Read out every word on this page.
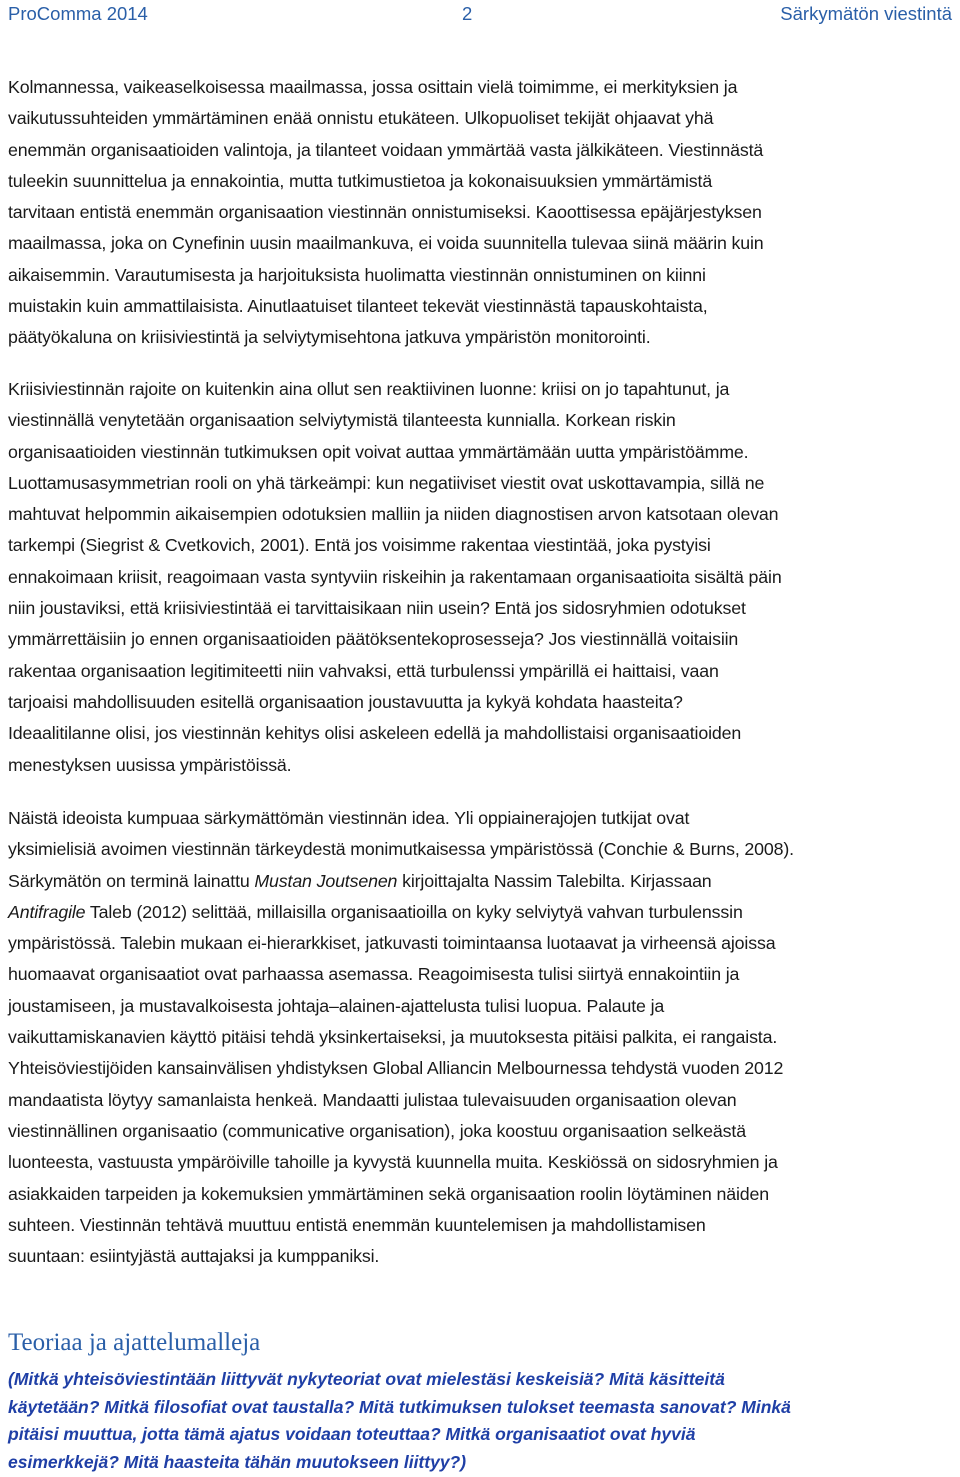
ProComma 2014	2	Särkymätön viestintä
Kolmannessa, vaikeaselkoisessa maailmassa, jossa osittain vielä toimimme, ei merkityksien ja
vaikutussuhteiden ymmärtäminen enää onnistu etukäteen. Ulkopuoliset tekijät ohjaavat yhä
enemmän organisaatioiden valintoja, ja tilanteet voidaan ymmärtää vasta jälkikäteen. Viestinnästä
tuleekin suunnittelua ja ennakointia, mutta tutkimustietoa ja kokonaisuuksien ymmärtämistä
tarvitaan entistä enemmän organisaation viestinnän onnistumiseksi. Kaoottisessa epäjärjestyksen
maailmassa, joka on Cynefinin uusin maailmankuva, ei voida suunnitella tulevaa siinä määrin kuin
aikaisemmin. Varautumisesta ja harjoituksista huolimatta viestinnän onnistuminen on kiinni
muistakin kuin ammattilaisista. Ainutlaatuiset tilanteet tekevät viestinnästä tapauskohtaista,
päätyökaluna on kriisiviestintä ja selviytymisehtona jatkuva ympäristön monitorointi.
Kriisiviestinnän rajoite on kuitenkin aina ollut sen reaktiivinen luonne: kriisi on jo tapahtunut, ja
viestinnällä venytetään organisaation selviytymistä tilanteesta kunnialla. Korkean riskin
organisaatioiden viestinnän tutkimuksen opit voivat auttaa ymmärtämään uutta ympäristöämme.
Luottamusasymmetrian rooli on yhä tärkeämpi: kun negatiiviset viestit ovat uskottavampia, sillä ne
mahtuvat helpommin aikaisempien odotuksien malliin ja niiden diagnostisen arvon katsotaan olevan
tarkempi (Siegrist & Cvetkovich, 2001). Entä jos voisimme rakentaa viestintää, joka pystyisi
ennakoimaan kriisit, reagoimaan vasta syntyviin riskeihin ja rakentamaan organisaatioita sisältä päin
niin joustaviksi, että kriisiviestintää ei tarvittaisikaan niin usein? Entä jos sidosryhmien odotukset
ymmärrettäisiin jo ennen organisaatioiden päätöksentekoprosesseja? Jos viestinnällä voitaisiin
rakentaa organisaation legitimiteetti niin vahvaksi, että turbulenssi ympärillä ei haittaisi, vaan
tarjoaisi mahdollisuuden esitellä organisaation joustavuutta ja kykyä kohdata haasteita?
Ideaalitilanne olisi, jos viestinnän kehitys olisi askeleen edellä ja mahdollistaisi organisaatioiden
menestyksen uusissa ympäristöissä.
Näistä ideoista kumpuaa särkymättömän viestinnän idea. Yli oppiainerajojen tutkijat ovat
yksimielisiä avoimen viestinnän tärkeydestä monimutkaisessa ympäristössä (Conchie & Burns, 2008).
Särkymätön on terminä lainattu Mustan Joutsenen kirjoittajalta Nassim Talebilta. Kirjassaan
Antifragile Taleb (2012) selittää, millaisilla organisaatioilla on kyky selviytyä vahvan turbulenssin
ympäristössä. Talebin mukaan ei-hierarkkiset, jatkuvasti toimintaansa luotaavat ja virheensä ajoissa
huomaavat organisaatiot ovat parhaassa asemassa. Reagoimisesta tulisi siirtyä ennakointiin ja
joustamiseen, ja mustavalkoisesta johtaja–alainen-ajattelusta tulisi luopua. Palaute ja
vaikuttamiskanavien käyttö pitäisi tehdä yksinkertaiseksi, ja muutoksesta pitäisi palkita, ei rangaista.
Yhteisöviestijöiden kansainvälisen yhdistyksen Global Alliancin Melbournessa tehdystä vuoden 2012
mandaatista löytyy samanlaista henkeä. Mandaatti julistaa tulevaisuuden organisaation olevan
viestinnällinen organisaatio (communicative organisation), joka koostuu organisaation selkeästä
luonteesta, vastuusta ympäröiville tahoille ja kyvystä kuunnella muita. Keskiössä on sidosryhmien ja
asiakkaiden tarpeiden ja kokemuksien ymmärtäminen sekä organisaation roolin löytäminen näiden
suhteen. Viestinnän tehtävä muuttuu entistä enemmän kuuntelemisen ja mahdollistamisen
suuntaan: esiintyjästä auttajaksi ja kumppaniksi.
Teoriaa ja ajattelumalleja
(Mitkä yhteisöviestintään liittyvät nykyteoriat ovat mielestäsi keskeisiä? Mitä käsitteitä
käytetään? Mitkä filosofiat ovat taustalla? Mitä tutkimuksen tulokset teemasta sanovat? Minkä
pitäisi muuttua, jotta tämä ajatus voidaan toteuttaa? Mitkä organisaatiot ovat hyviä
esimerkkejä? Mitä haasteita tähän muutokseen liittyy?)
